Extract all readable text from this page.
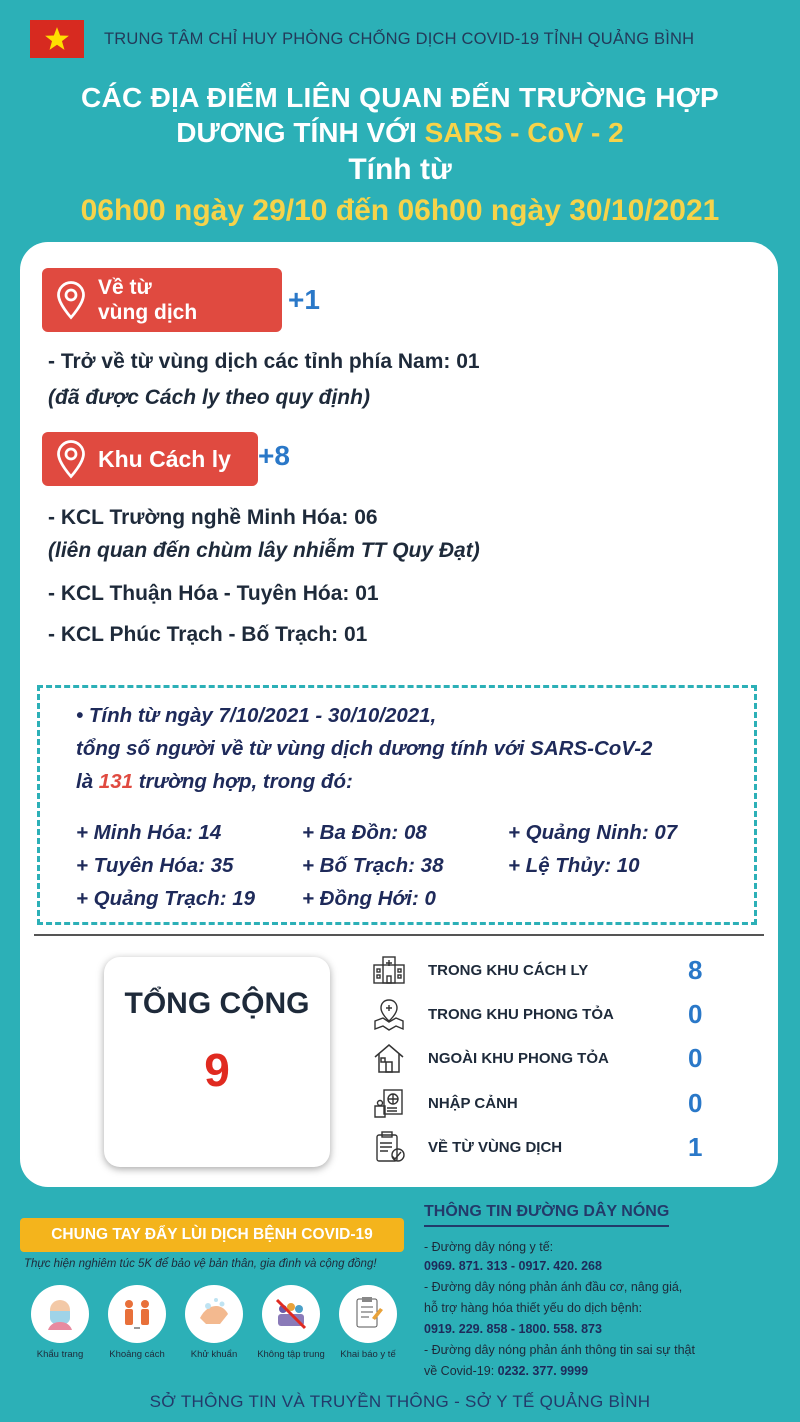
TRUNG TÂM CHỈ HUY PHÒNG CHỐNG DỊCH COVID-19 TỈNH QUẢNG BÌNH
CÁC ĐỊA ĐIỂM LIÊN QUAN ĐẾN TRƯỜNG HỢP
DƯƠNG TÍNH VỚI SARS - CoV - 2
Tính từ
06h00 ngày 29/10 đến 06h00 ngày 30/10/2021
Về từ
vùng dịch	+1
- Trở về từ vùng dịch các tỉnh phía Nam: 01
(đã được Cách ly theo quy định)
Khu Cách ly +8
- KCL Trường nghề Minh Hóa: 06
(liên quan đến chùm lây nhiễm TT Quy Đạt)
- KCL Thuận Hóa - Tuyên Hóa: 01
- KCL Phúc Trạch - Bố Trạch: 01
• Tính từ ngày 7/10/2021 - 30/10/2021,
tổng số người về từ vùng dịch dương tính với SARS-CoV-2
là 131 trường hợp, trong đó:
+ Minh Hóa: 14	+ Ba Đồn: 08	+ Quảng Ninh: 07
+ Tuyên Hóa: 35	+ Bố Trạch: 38	+ Lệ Thủy: 10
+ Quảng Trạch: 19	+ Đồng Hới: 0
TỔNG CỘNG
9
TRONG KHU CÁCH LY	8
TRONG KHU PHONG TỎA	0
NGOÀI KHU PHONG TỎA	0
NHẬP CẢNH	0
VỀ TỪ VÙNG DỊCH	1
CHUNG TAY ĐẨY LÙI DỊCH BỆNH COVID-19
Thực hiện nghiêm túc 5K để bảo vệ bản thân, gia đình và cộng đồng!
Khẩu trang	Khoảng cách	Khử khuẩn	Không tập trung	Khai báo y tế
THÔNG TIN ĐƯỜNG DÂY NÓNG
- Đường dây nóng y tế:
0969. 871. 313 - 0917. 420. 268
- Đường dây nóng phản ánh đầu cơ, nâng giá,
hỗ trợ hàng hóa thiết yếu do dịch bệnh:
0919. 229. 858 - 1800. 558. 873
- Đường dây nóng phản ánh thông tin sai sự thật
về Covid-19: 0232. 377. 9999
SỞ THÔNG TIN VÀ TRUYỀN THÔNG - SỞ Y TẾ QUẢNG BÌNH
